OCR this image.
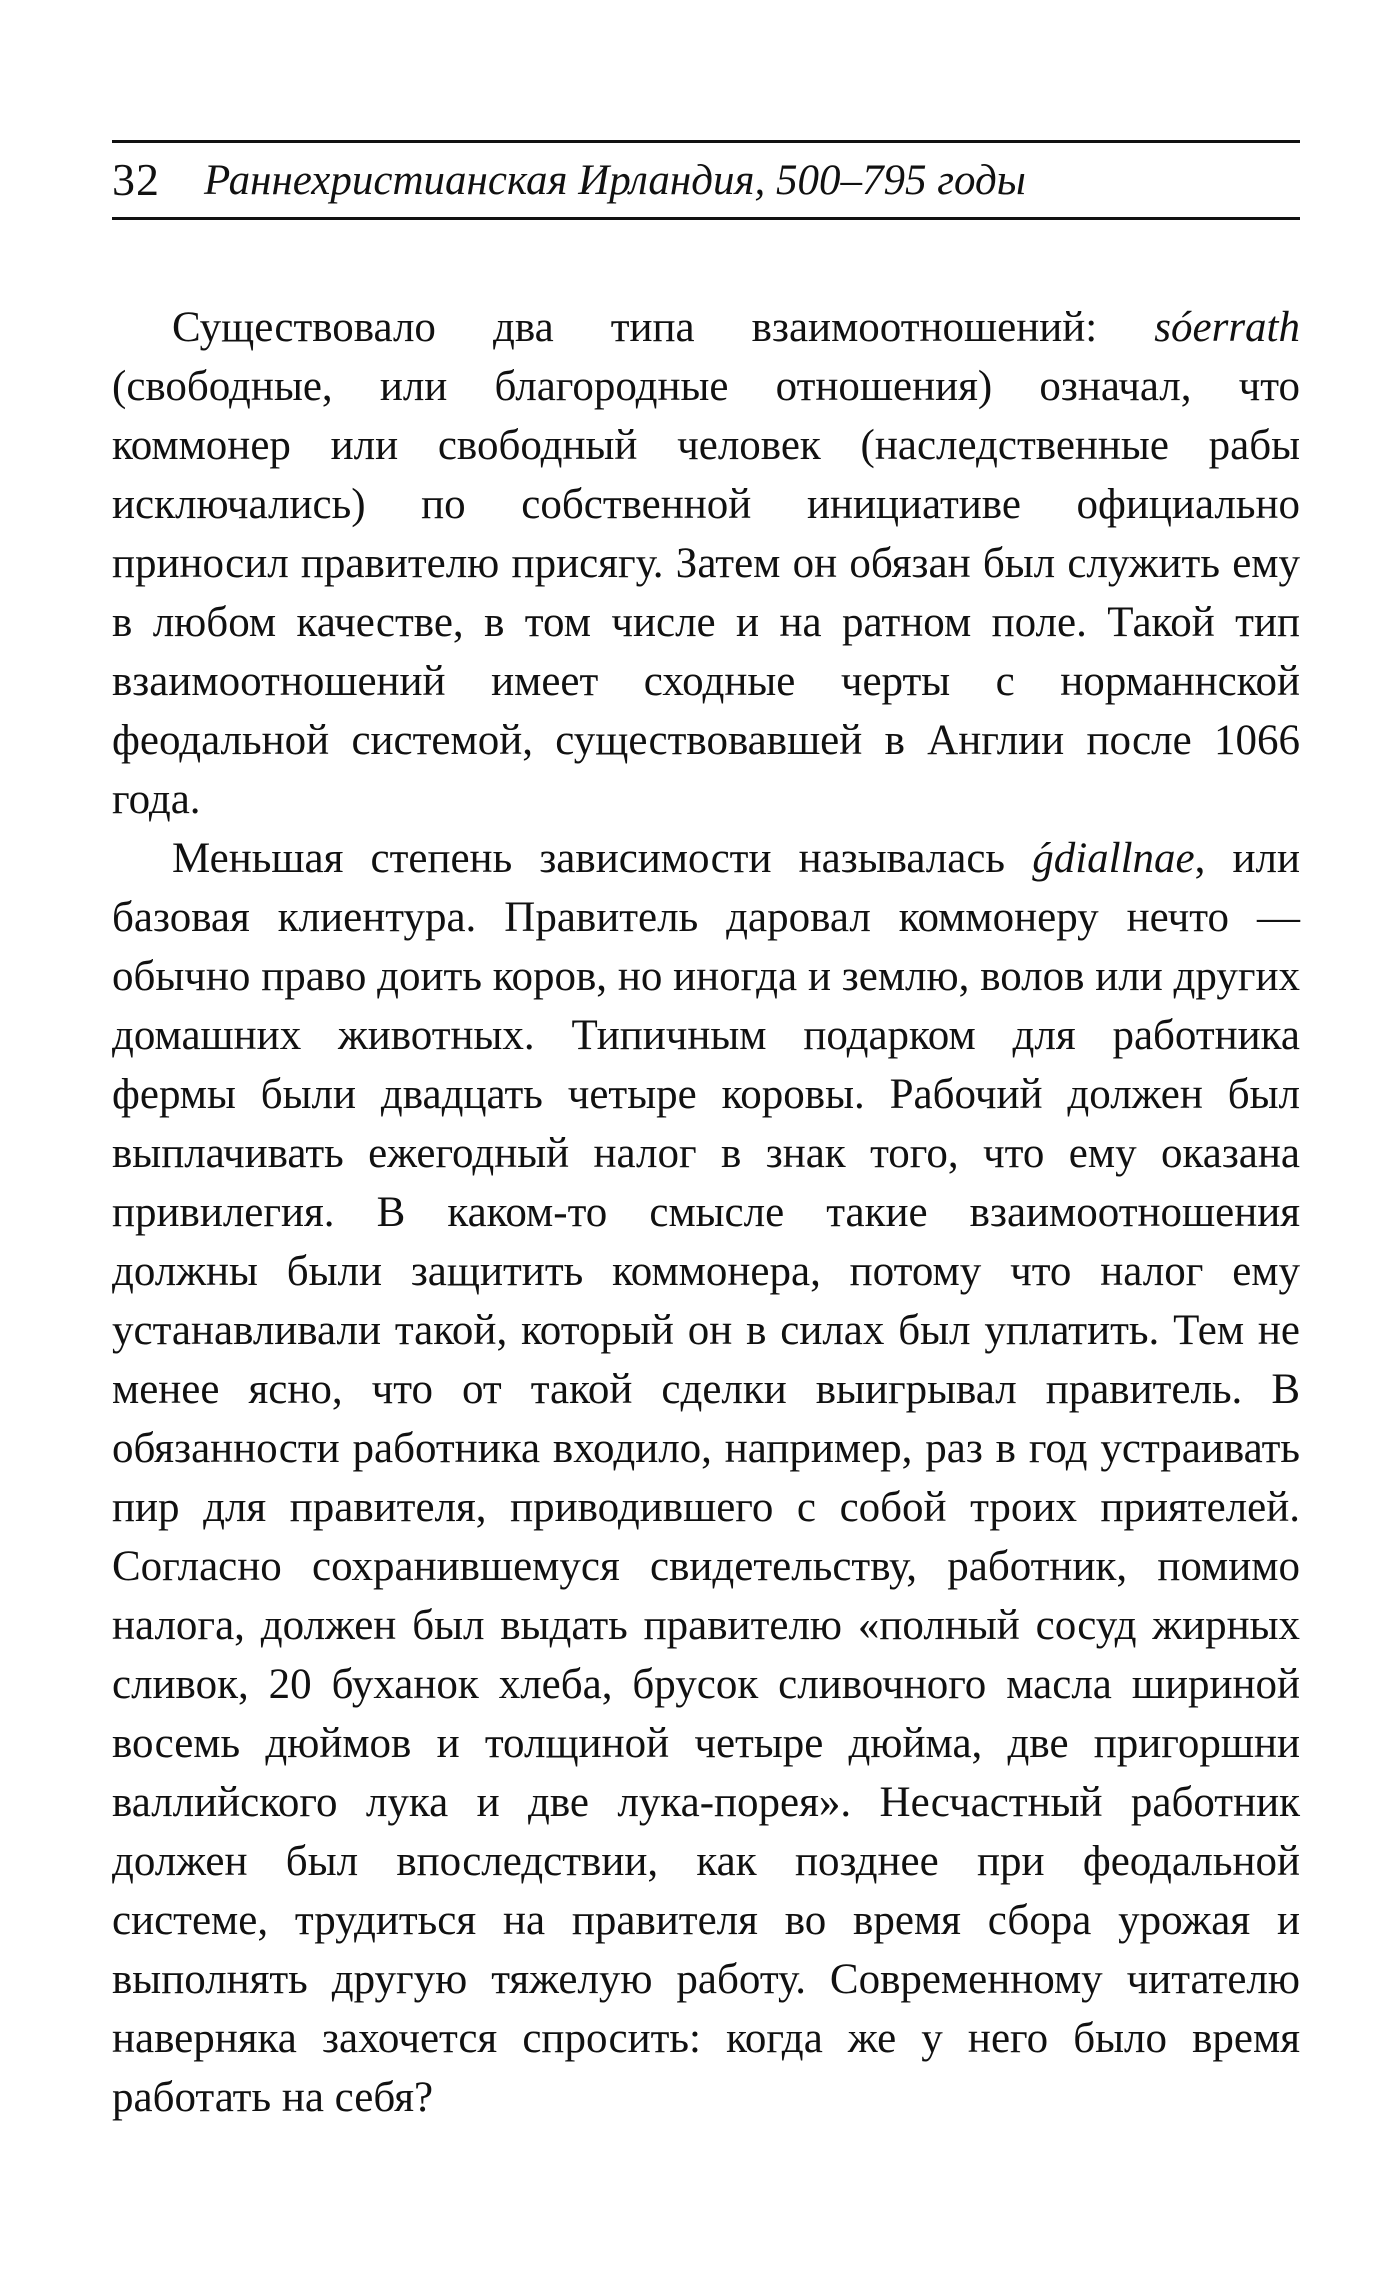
32 Раннехристианская Ирландия, 500–795 годы

Существовало два типа взаимоотношений: sóerrath (свободные, или благородные отношения) означал, что коммонер или свободный человек (наследственные рабы исключались) по собственной инициативе официально приносил правителю присягу. Затем он обязан был служить ему в любом качестве, в том числе и на ратном поле. Такой тип взаимоотношений имеет сходные черты с норманнской феодальной системой, существовавшей в Англии после 1066 года.

Меньшая степень зависимости называлась ǵdiallnae, или базовая клиентура. Правитель даровал коммонеру нечто — обычно право доить коров, но иногда и землю, волов или других домашних животных. Типичным подарком для работника фермы были двадцать четыре коровы. Рабочий должен был выплачивать ежегодный налог в знак того, что ему оказана привилегия. В каком-то смысле такие взаимоотношения должны были защитить коммонера, потому что налог ему устанавливали такой, который он в силах был уплатить. Тем не менее ясно, что от такой сделки выигрывал правитель. В обязанности работника входило, например, раз в год устраивать пир для правителя, приводившего с собой троих приятелей. Согласно сохранившемуся свидетельству, работник, помимо налога, должен был выдать правителю «полный сосуд жирных сливок, 20 буханок хлеба, брусок сливочного масла шириной восемь дюймов и толщиной четыре дюйма, две пригоршни валлийского лука и две лука-порея». Несчастный работник должен был впоследствии, как позднее при феодальной системе, трудиться на правителя во время сбора урожая и выполнять другую тяжелую работу. Современному читателю наверняка захочется спросить: когда же у него было время работать на себя?
